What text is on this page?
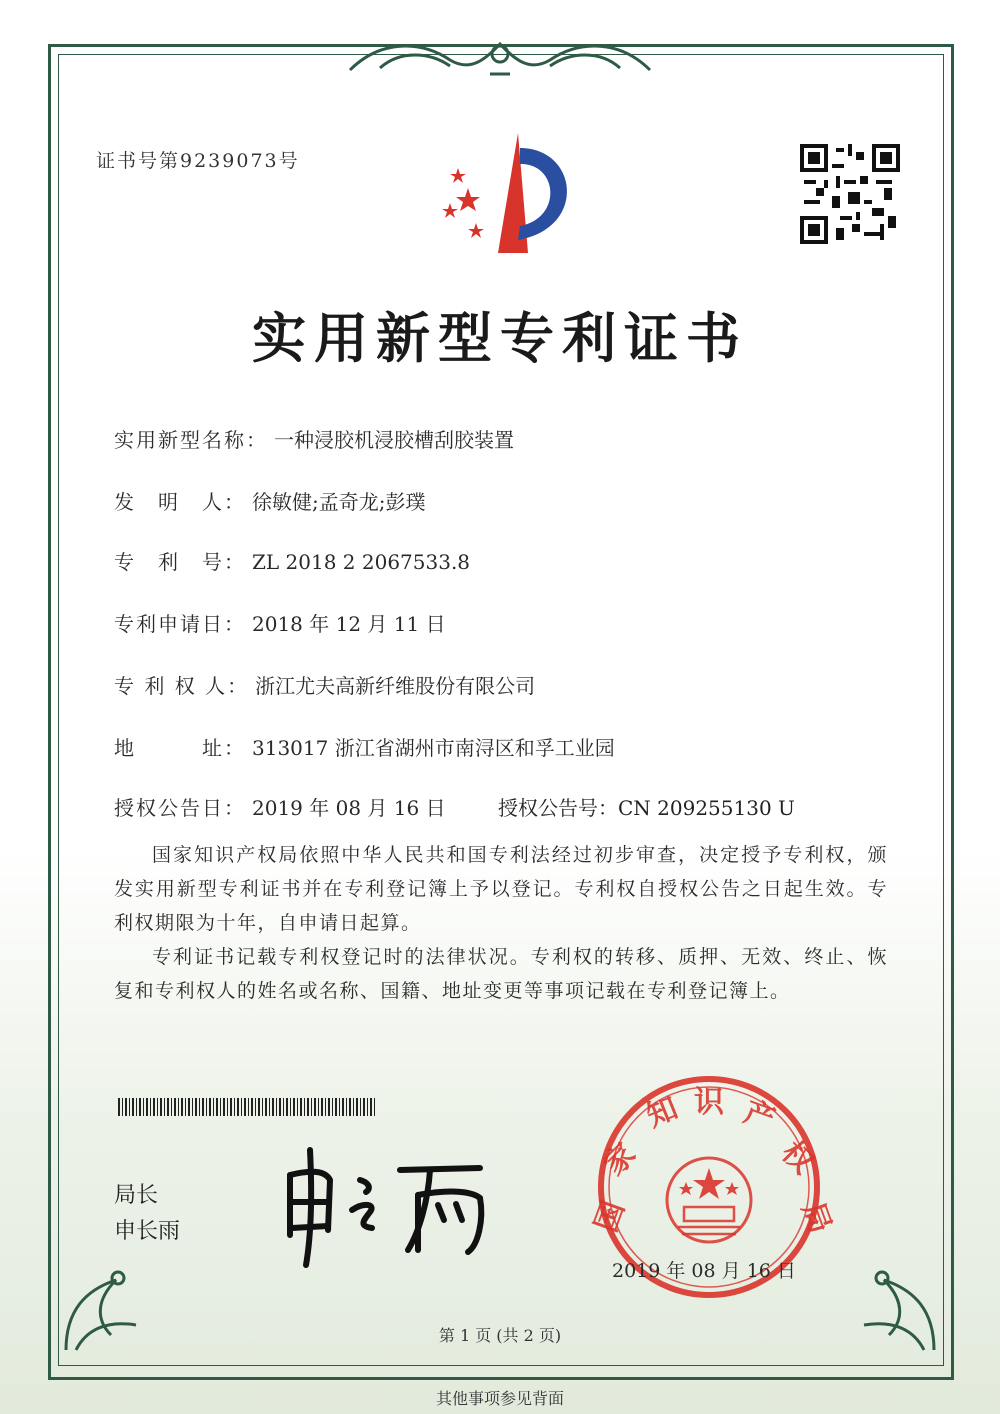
证书号第9239073号
实用新型专利证书
实用新型名称： 一种浸胶机浸胶槽刮胶装置
发　明　人： 徐敏健;孟奇龙;彭璞
专　利　号： ZL 2018 2 2067533.8
专利申请日： 2018 年 12 月 11 日
专 利 权 人： 浙江尤夫高新纤维股份有限公司
地　　　址： 313017 浙江省湖州市南浔区和孚工业园
授权公告日： 2019 年 08 月 16 日	授权公告号：CN 209255130 U

国家知识产权局依照中华人民共和国专利法经过初步审查，决定授予专利权，颁发实用新型专利证书并在专利登记簿上予以登记。专利权自授权公告之日起生效。专利权期限为十年，自申请日起算。

专利证书记载专利权登记时的法律状况。专利权的转移、质押、无效、终止、恢复和专利权人的姓名或名称、国籍、地址变更等事项记载在专利登记簿上。

局长
申长雨
国家知识产权局
国
家
知 识 产
权
局
2019 年 08 月 16 日
第 1 页 (共 2 页)
其他事项参见背面
